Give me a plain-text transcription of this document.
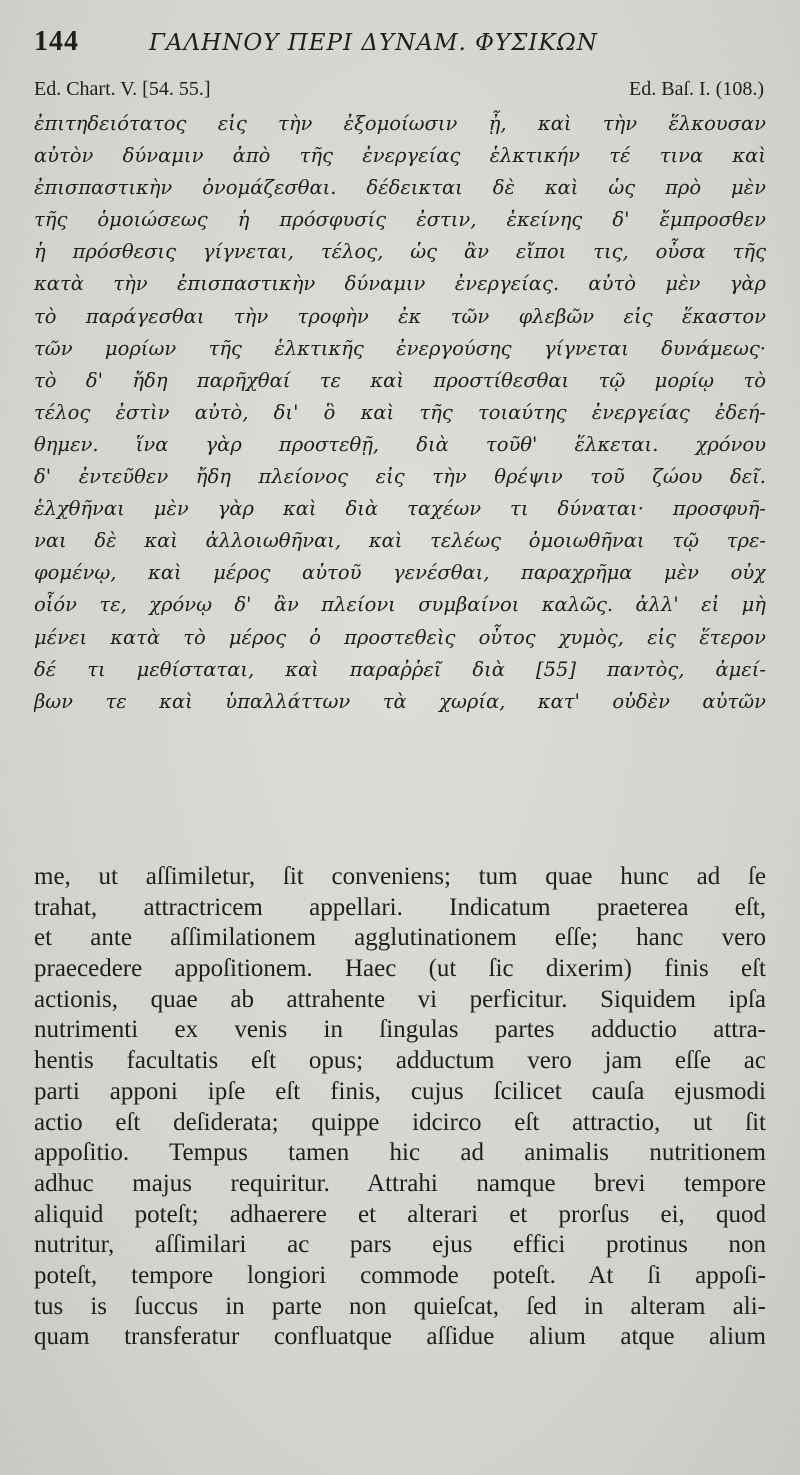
144	ΓΑΛΗΝΟΥ ΠΕΡΙ ΔΥΝΑΜ. ΦΥΣΙΚΩΝ
Ed. Chart. V. [54. 55.]	Ed. Baſ. I. (108.)
ἐπιτηδειότατος εἰς τὴν ἐξομοίωσιν ᾖ, καὶ τὴν ἕλκουσαν
αὐτὸν δύναμιν ἀπὸ τῆς ἐνεργείας ἑλκτικήν τέ τινα καὶ
ἐπισπαστικὴν ὀνομάζεσθαι. δέδεικται δὲ καὶ ὡς πρὸ μὲν
τῆς ὁμοιώσεως ἡ πρόσφυσίς ἐστιν, ἐκείνης δ' ἔμπροσθεν
ἡ πρόσθεσις γίγνεται, τέλος, ὡς ἂν εἴποι τις, οὖσα τῆς
κατὰ τὴν ἐπισπαστικὴν δύναμιν ἐνεργείας. αὐτὸ μὲν γὰρ
τὸ παράγεσθαι τὴν τροφὴν ἐκ τῶν φλεβῶν εἰς ἕκαστον
τῶν μορίων τῆς ἑλκτικῆς ἐνεργούσης γίγνεται δυνάμεως·
τὸ δ' ἤδη παρῆχθαί τε καὶ προστίθεσθαι τῷ μορίῳ τὸ
τέλος ἐστὶν αὐτὸ, δι' ὃ καὶ τῆς τοιαύτης ἐνεργείας ἐδεή-
θημεν. ἵνα γὰρ προστεθῇ, διὰ τοῦθ' ἕλκεται. χρόνου
δ' ἐντεῦθεν ἤδη πλείονος εἰς τὴν θρέψιν τοῦ ζώου δεῖ.
ἑλχθῆναι μὲν γὰρ καὶ διὰ ταχέων τι δύναται· προσφυῆ-
ναι δὲ καὶ ἀλλοιωθῆναι, καὶ τελέως ὁμοιωθῆναι τῷ τρε-
φομένῳ, καὶ μέρος αὐτοῦ γενέσθαι, παραχρῆμα μὲν οὐχ
οἷόν τε, χρόνῳ δ' ἂν πλείονι συμβαίνοι καλῶς. ἀλλ' εἰ μὴ
μένει κατὰ τὸ μέρος ὁ προστεθεὶς οὗτος χυμὸς, εἰς ἕτερον
δέ τι μεθίσταται, καὶ παραῤῥεῖ διὰ [55] παντὸς, ἀμεί-
βων τε καὶ ὑπαλλάττων τὰ χωρία, κατ' οὐδὲν αὐτῶν
me, ut aſſimiletur, ſit conveniens; tum quae hunc ad ſe
trahat, attractricem appellari. Indicatum praeterea eſt,
et ante aſſimilationem agglutinationem eſſe; hanc vero
praecedere appoſitionem. Haec (ut ſic dixerim) finis eſt
actionis, quae ab attrahente vi perficitur. Siquidem ipſa
nutrimenti ex venis in ſingulas partes adductio attra-
hentis facultatis eſt opus; adductum vero jam eſſe ac
parti apponi ipſe eſt finis, cujus ſcilicet cauſa ejusmodi
actio eſt deſiderata; quippe idcirco eſt attractio, ut ſit
appoſitio. Tempus tamen hic ad animalis nutritionem
adhuc majus requiritur. Attrahi namque brevi tempore
aliquid poteſt; adhaerere et alterari et prorſus ei, quod
nutritur, aſſimilari ac pars ejus effici protinus non
poteſt, tempore longiori commode poteſt. At ſi appoſi-
tus is ſuccus in parte non quieſcat, ſed in alteram ali-
quam transferatur confluatque aſſidue alium atque alium
